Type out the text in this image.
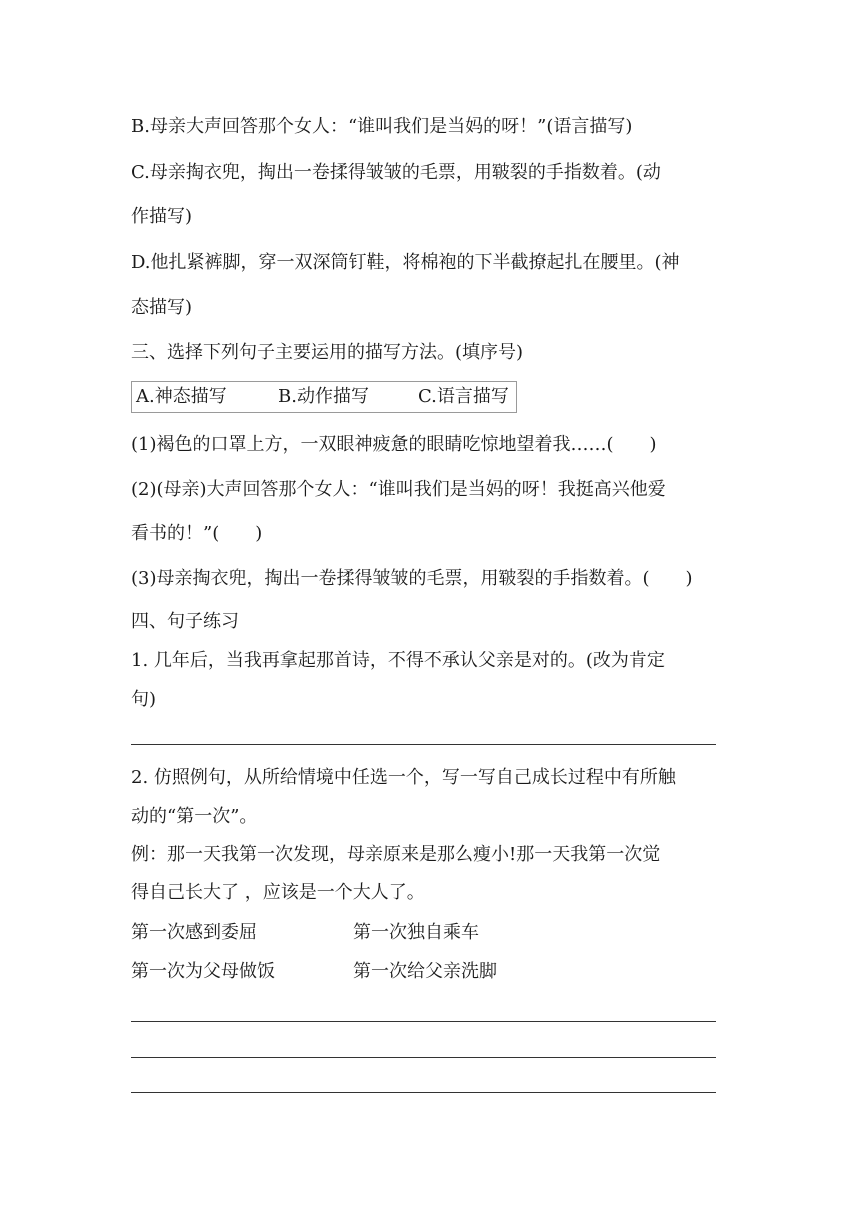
B.母亲大声回答那个女人：“谁叫我们是当妈的呀！”(语言描写)

C.母亲掏衣兜，掏出一卷揉得皱皱的毛票，用皲裂的手指数着。(动

作描写)

D.他扎紧裤脚，穿一双深筒钉鞋，将棉袍的下半截撩起扎在腰里。(神

态描写)

三、选择下列句子主要运用的描写方法。(填序号)

A.神态描写	B.动作描写	C.语言描写

(1)褐色的口罩上方，一双眼神疲惫的眼睛吃惊地望着我……(　　)

(2)(母亲)大声回答那个女人：“谁叫我们是当妈的呀！我挺高兴他爱

看书的！”(　　)

(3)母亲掏衣兜，掏出一卷揉得皱皱的毛票，用皲裂的手指数着。(　　)

四、句子练习

1. 几年后，当我再拿起那首诗，不得不承认父亲是对的。(改为肯定

句)

2. 仿照例句，从所给情境中任选一个，写一写自己成长过程中有所触

动的“第一次”。

例：那一天我第一次发现，母亲原来是那么瘦小!那一天我第一次觉

得自己长大了 ，应该是一个大人了。

第一次感到委屈	第一次独自乘车
第一次为父母做饭	第一次给父亲洗脚
